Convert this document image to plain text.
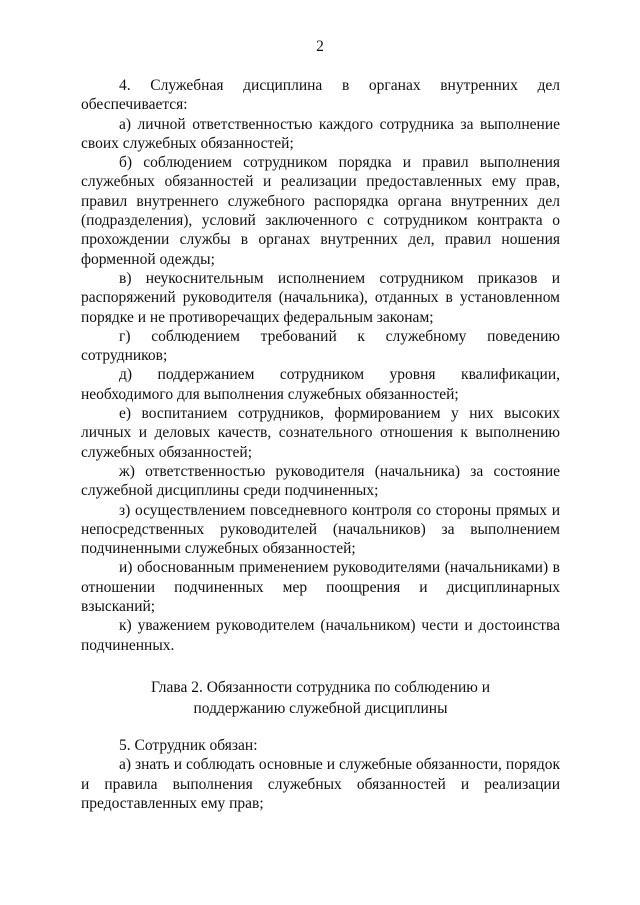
2

4. Служебная дисциплина в органах внутренних дел обеспечивается:

а) личной ответственностью каждого сотрудника за выполнение своих служебных обязанностей;

б) соблюдением сотрудником порядка и правил выполнения служебных обязанностей и реализации предоставленных ему прав, правил внутреннего служебного распорядка органа внутренних дел (подразделения), условий заключенного с сотрудником контракта о прохождении службы в органах внутренних дел, правил ношения форменной одежды;

в) неукоснительным исполнением сотрудником приказов и распоряжений руководителя (начальника), отданных в установленном порядке и не противоречащих федеральным законам;

г) соблюдением требований к служебному поведению сотрудников;

д) поддержанием сотрудником уровня квалификации, необходимого для выполнения служебных обязанностей;

е) воспитанием сотрудников, формированием у них высоких личных и деловых качеств, сознательного отношения к выполнению служебных обязанностей;

ж) ответственностью руководителя (начальника) за состояние служебной дисциплины среди подчиненных;

з) осуществлением повседневного контроля со стороны прямых и непосредственных руководителей (начальников) за выполнением подчиненными служебных обязанностей;

и) обоснованным применением руководителями (начальниками) в отношении подчиненных мер поощрения и дисциплинарных взысканий;

к) уважением руководителем (начальником) чести и достоинства подчиненных.

Глава 2. Обязанности сотрудника по соблюдению и
поддержанию служебной дисциплины

5. Сотрудник обязан:

а) знать и соблюдать основные и служебные обязанности, порядок и правила выполнения служебных обязанностей и реализации предоставленных ему прав;
